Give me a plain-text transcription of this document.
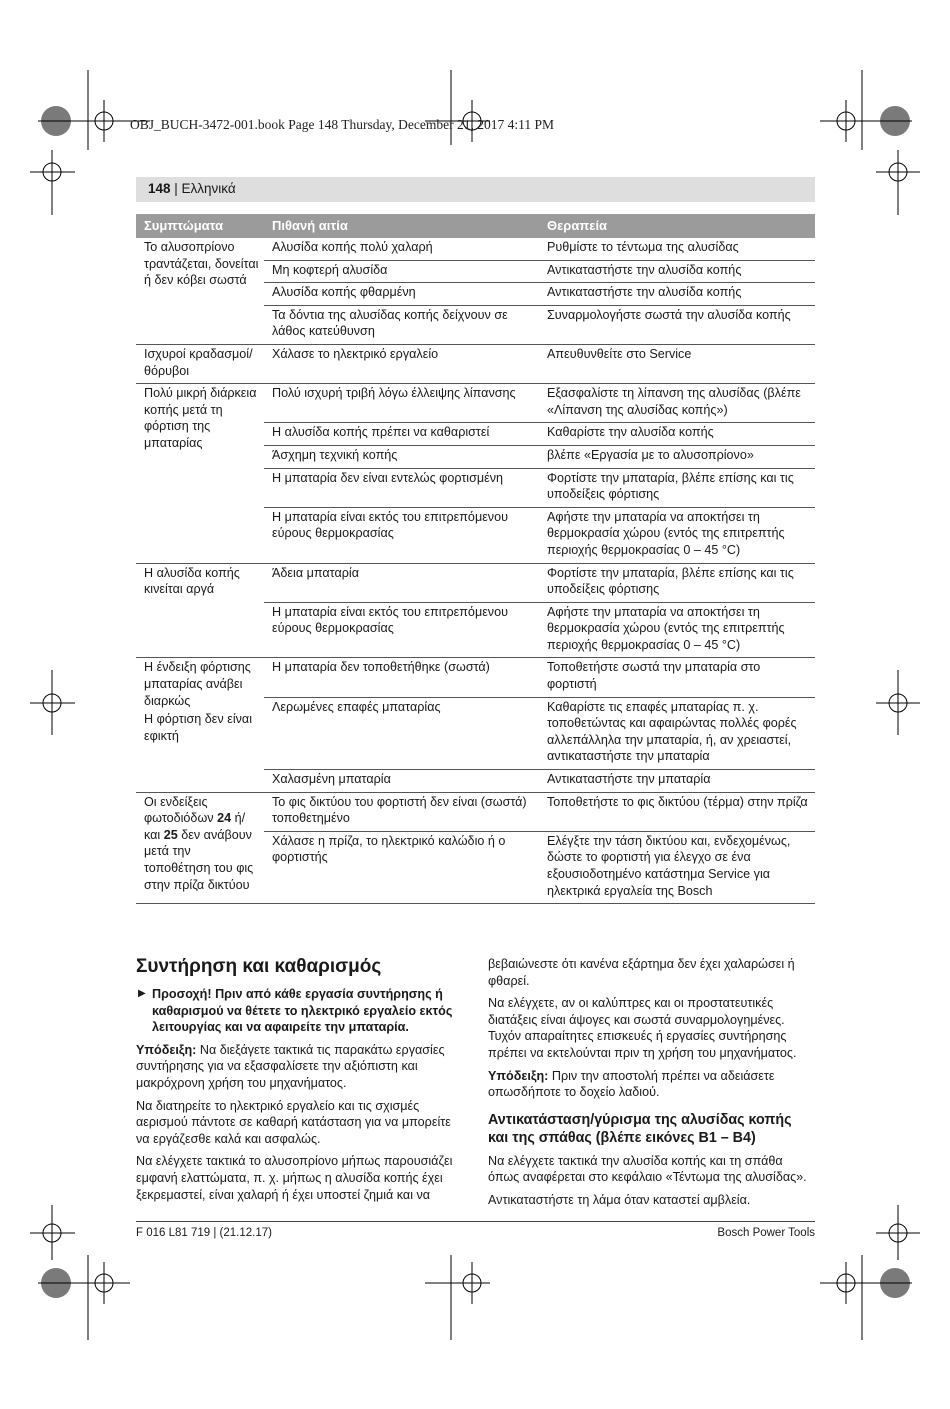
OBJ_BUCH-3472-001.book Page 148 Thursday, December 21, 2017 4:11 PM
148 | Ελληνικά
Συμπτώματα	Πιθανή αιτία	Θεραπεία
Το αλυσοπρίονο τραντάζεται, δονείται ή δεν κόβει σωστά	Αλυσίδα κοπής πολύ χαλαρή	Ρυθμίστε το τέντωμα της αλυσίδας
	Μη κοφτερή αλυσίδα	Αντικαταστήστε την αλυσίδα κοπής
	Αλυσίδα κοπής φθαρμένη	Αντικαταστήστε την αλυσίδα κοπής
	Τα δόντια της αλυσίδας κοπής δείχνουν σε λάθος κατεύθυνση	Συναρμολογήστε σωστά την αλυσίδα κοπής
Ισχυροί κραδασμοί/θόρυβοι	Χάλασε το ηλεκτρικό εργαλείο	Απευθυνθείτε στο Service
Πολύ μικρή διάρκεια κοπής μετά τη φόρτιση της μπαταρίας	Πολύ ισχυρή τριβή λόγω έλλειψης λίπανσης	Εξασφαλίστε τη λίπανση της αλυσίδας (βλέπε «Λίπανση της αλυσίδας κοπής»)
	Η αλυσίδα κοπής πρέπει να καθαριστεί	Καθαρίστε την αλυσίδα κοπής
	Άσχημη τεχνική κοπής	βλέπε «Εργασία με το αλυσοπρίονο»
	Η μπαταρία δεν είναι εντελώς φορτισμένη	Φορτίστε την μπαταρία, βλέπε επίσης και τις υποδείξεις φόρτισης
	Η μπαταρία είναι εκτός του επιτρεπόμενου εύρους θερμοκρασίας	Αφήστε την μπαταρία να αποκτήσει τη θερμοκρασία χώρου (εντός της επιτρεπτής περιοχής θερμοκρασίας 0 – 45 °C)
Η αλυσίδα κοπής κινείται αργά	Άδεια μπαταρία	Φορτίστε την μπαταρία, βλέπε επίσης και τις υποδείξεις φόρτισης
	Η μπαταρία είναι εκτός του επιτρεπόμενου εύρους θερμοκρασίας	Αφήστε την μπαταρία να αποκτήσει τη θερμοκρασία χώρου (εντός της επιτρεπτής περιοχής θερμοκρασίας 0 – 45 °C)

Η ένδειξη φόρτισης μπαταρίας ανάβει διαρκώς
Η φόρτιση δεν είναι εφικτή	Η μπαταρία δεν τοποθετήθηκε (σωστά)	Τοποθετήστε σωστά την μπαταρία στο φορτιστή
	Λερωμένες επαφές μπαταρίας	Καθαρίστε τις επαφές μπαταρίας π. χ. τοποθετώντας και αφαιρώντας πολλές φορές αλλεπάλληλα την μπαταρία, ή, αν χρειαστεί, αντικαταστήστε την μπαταρία
	Χαλασμένη μπαταρία	Αντικαταστήστε την μπαταρία
Οι ενδείξεις φωτοδιόδων 24 ή/και 25 δεν ανάβουν μετά την τοποθέτηση του φις στην πρίζα δικτύου	Το φις δικτύου του φορτιστή δεν είναι (σωστά) τοποθετημένο	Τοποθετήστε το φις δικτύου (τέρμα) στην πρίζα
	Χάλασε η πρίζα, το ηλεκτρικό καλώδιο ή ο φορτιστής	Ελέγξτε την τάση δικτύου και, ενδεχομένως, δώστε το φορτιστή για έλεγχο σε ένα εξουσιοδοτημένο κατάστημα Service για ηλεκτρικά εργαλεία της Bosch
Συντήρηση και καθαρισμός

▶ Προσοχή! Πριν από κάθε εργασία συντήρησης ή καθαρισμού να θέτετε το ηλεκτρικό εργαλείο εκτός λειτουργίας και να αφαιρείτε την μπαταρία.

Υπόδειξη: Να διεξάγετε τακτικά τις παρακάτω εργασίες συντήρησης για να εξασφαλίσετε την αξιόπιστη και μακρόχρονη χρήση του μηχανήματος.

Να διατηρείτε το ηλεκτρικό εργαλείο και τις σχισμές αερισμού πάντοτε σε καθαρή κατάσταση για να μπορείτε να εργάζεσθε καλά και ασφαλώς.

Να ελέγχετε τακτικά το αλυσοπρίονο μήπως παρουσιάζει εμφανή ελαττώματα, π. χ. μήπως η αλυσίδα κοπής έχει ξεκρεμαστεί, είναι χαλαρή ή έχει υποστεί ζημιά και να

βεβαιώνεστε ότι κανένα εξάρτημα δεν έχει χαλαρώσει ή φθαρεί.

Να ελέγχετε, αν οι καλύπτρες και οι προστατευτικές διατάξεις είναι άψογες και σωστά συναρμολογημένες. Τυχόν απαραίτητες επισκευές ή εργασίες συντήρησης πρέπει να εκτελούνται πριν τη χρήση του μηχανήματος.

Υπόδειξη: Πριν την αποστολή πρέπει να αδειάσετε οπωσδήποτε το δοχείο λαδιού.

Αντικατάσταση/γύρισμα της αλυσίδας κοπής και της σπάθας (βλέπε εικόνες B1 – B4)

Να ελέγχετε τακτικά την αλυσίδα κοπής και τη σπάθα όπως αναφέρεται στο κεφάλαιο «Τέντωμα της αλυσίδας».

Αντικαταστήστε τη λάμα όταν καταστεί αμβλεία.

F 016 L81 719 | (21.12.17)	Bosch Power Tools
